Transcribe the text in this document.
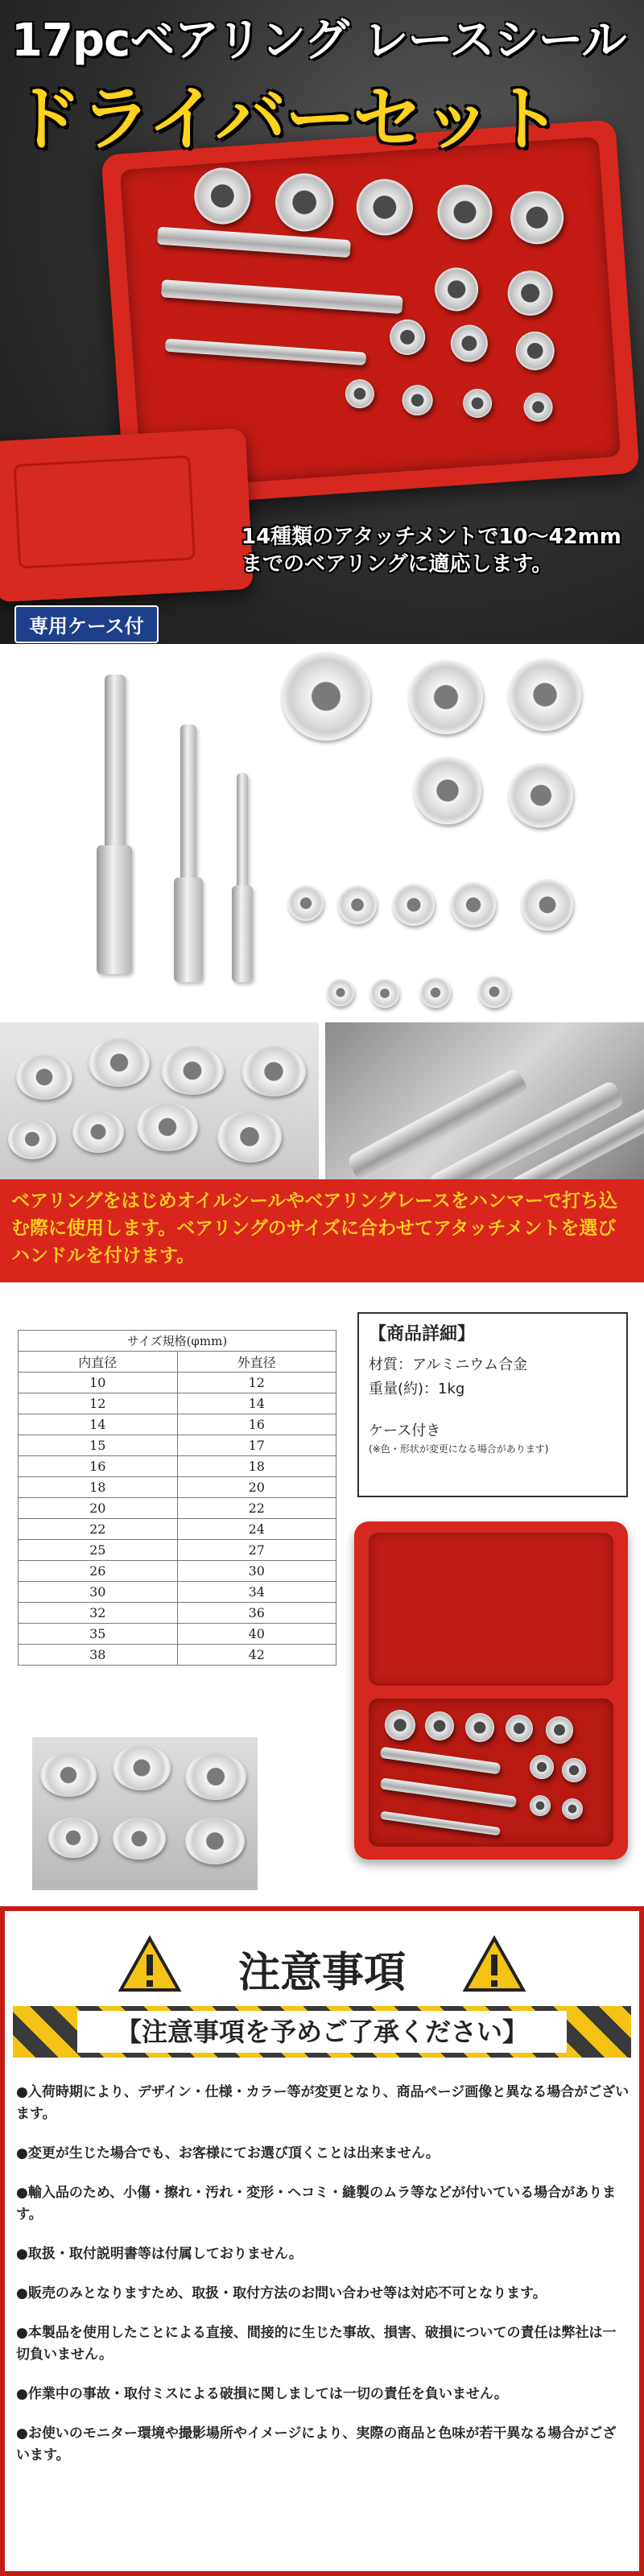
17pcベアリング レースシール
ドライバーセット

14種類のアタッチメントで10～42mmまでのベアリングに適応します。

専用ケース付

ベアリングをはじめオイルシールやベアリングレースをハンマーで打ち込む際に使用します。ベアリングのサイズに合わせてアタッチメントを選びハンドルを付けます。

サイズ規格(φmm)	
内直径	外直径
10	12
12	14
14	16
15	17
16	18
18	20
20	22
22	24
25	27
26	30
30	34
32	36
35	40
38	42
【商品詳細】
材質：アルミニウム合金
重量(約)：1kg
ケース付き
(※色・形状が変更になる場合があります)
注意事項
【注意事項を予めご了承ください】
●入荷時期により、デザイン・仕様・カラー等が変更となり、商品ページ画像と異なる場合がございます。
●変更が生じた場合でも、お客様にてお選び頂くことは出来ません。
●輸入品のため、小傷・擦れ・汚れ・変形・ヘコミ・縫製のムラ等などが付いている場合があります。
●取扱・取付説明書等は付属しておりません。
●販売のみとなりますため、取扱・取付方法のお問い合わせ等は対応不可となります。
●本製品を使用したことによる直接、間接的に生じた事故、損害、破損についての責任は弊社は一切負いません。
●作業中の事故・取付ミスによる破損に関しましては一切の責任を負いません。
●お使いのモニター環境や撮影場所やイメージにより、実際の商品と色味が若干異なる場合がございます。
